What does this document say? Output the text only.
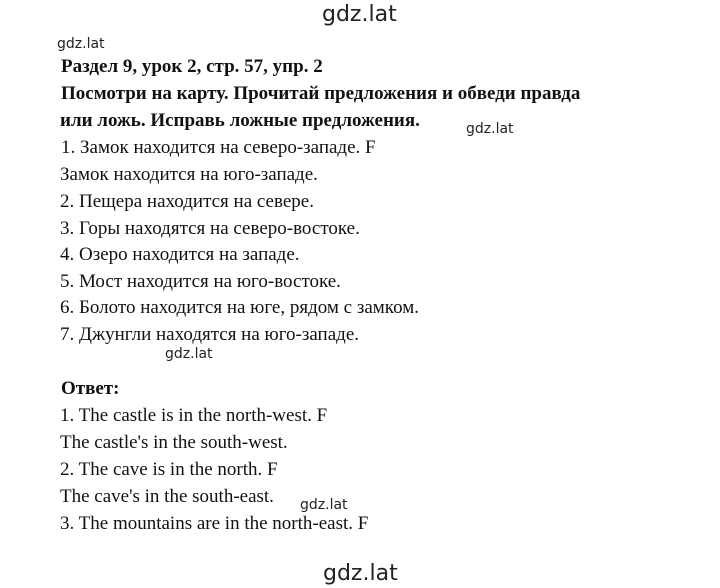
gdz.lat
gdz.lat
gdz.lat
gdz.lat
gdz.lat
gdz.lat
Раздел 9, урок 2, стр. 57, упр. 2
Посмотри на карту. Прочитай предложения и обведи правда
или ложь. Исправь ложные предложения.
1. Замок находится на северо-западе. F
Замок находится на юго-западе.
2. Пещера находится на севере.
3. Горы находятся на северо-востоке.
4. Озеро находится на западе.
5. Мост находится на юго-востоке.
6. Болото находится на юге, рядом с замком.
7. Джунгли находятся на юго-западе.
Ответ:
1. The castle is in the north-west. F
The castle's in the south-west.
2. The cave is in the north. F
The cave's in the south-east.
3. The mountains are in the north-east. F
